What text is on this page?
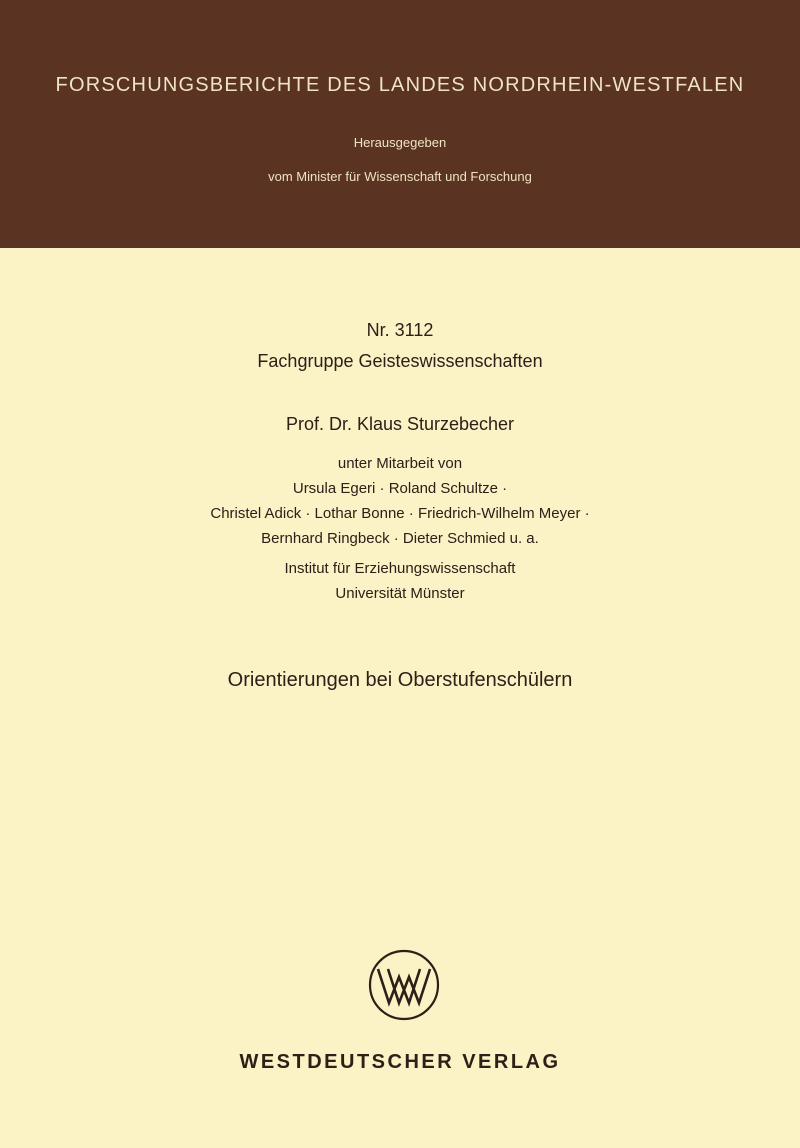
FORSCHUNGSBERICHTE DES LANDES NORDRHEIN-WESTFALEN
Herausgegeben
vom Minister für Wissenschaft und Forschung
Nr. 3112
Fachgruppe Geisteswissenschaften
Prof. Dr. Klaus Sturzebecher
unter Mitarbeit von
Ursula Egeri · Roland Schultze ·
Christel Adick · Lothar Bonne · Friedrich-Wilhelm Meyer ·
Bernhard Ringbeck · Dieter Schmied u. a.
Institut für Erziehungswissenschaft
Universität Münster
Orientierungen bei Oberstufenschülern
WESTDEUTSCHER VERLAG
